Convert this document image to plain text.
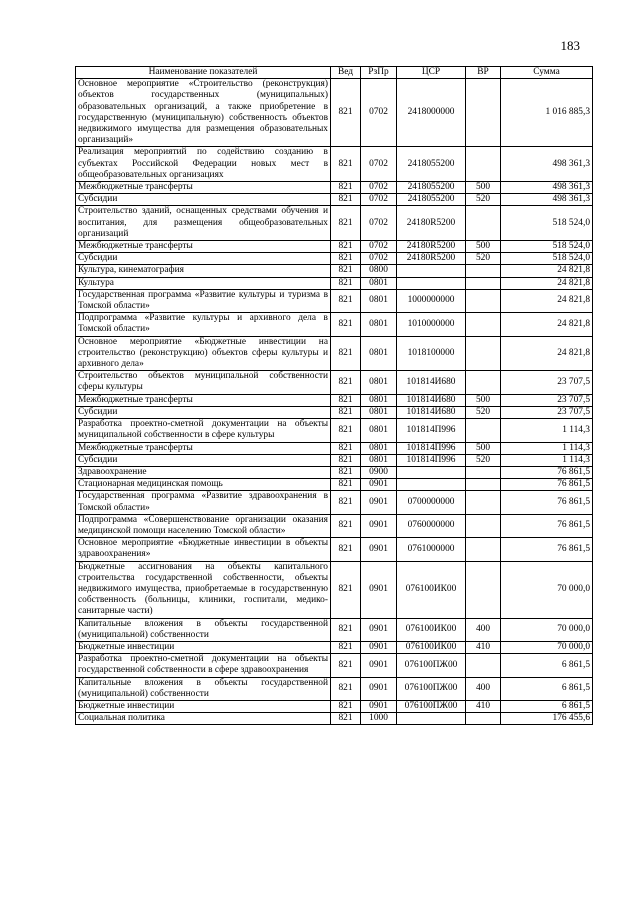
183
Наименование показателей	Вед	РзПр	ЦСР	ВР	Сумма
Основное мероприятие «Строительство (реконструкция) объектов государственных (муниципальных) образовательных организаций, а также приобретение в государственную (муниципальную) собственность объектов недвижимого имущества для размещения образовательных организаций»	821	0702	2418000000		1 016 885,3
Реализация мероприятий по содействию созданию в субъектах Российской Федерации новых мест в общеобразовательных организациях	821	0702	2418055200		498 361,3
Межбюджетные трансферты	821	0702	2418055200	500	498 361,3
Субсидии	821	0702	2418055200	520	498 361,3
Строительство зданий, оснащенных средствами обучения и воспитания, для размещения общеобразовательных организаций	821	0702	24180R5200		518 524,0
Межбюджетные трансферты	821	0702	24180R5200	500	518 524,0
Субсидии	821	0702	24180R5200	520	518 524,0
Культура, кинематография	821	0800			24 821,8
Культура	821	0801			24 821,8
Государственная программа «Развитие культуры и туризма в Томской области»	821	0801	1000000000		24 821,8
Подпрограмма «Развитие культуры и архивного дела в Томской области»	821	0801	1010000000		24 821,8
Основное мероприятие «Бюджетные инвестиции на строительство (реконструкцию) объектов сферы культуры и архивного дела»	821	0801	1018100000		24 821,8
Строительство объектов муниципальной собственности сферы культуры	821	0801	101814И680		23 707,5
Межбюджетные трансферты	821	0801	101814И680	500	23 707,5
Субсидии	821	0801	101814И680	520	23 707,5
Разработка проектно-сметной документации на объекты муниципальной собственности в сфере культуры	821	0801	101814П996		1 114,3
Межбюджетные трансферты	821	0801	101814П996	500	1 114,3
Субсидии	821	0801	101814П996	520	1 114,3
Здравоохранение	821	0900			76 861,5
Стационарная медицинская помощь	821	0901			76 861,5
Государственная программа «Развитие здравоохранения в Томской области»	821	0901	0700000000		76 861,5
Подпрограмма «Совершенствование организации оказания медицинской помощи населению Томской области»	821	0901	0760000000		76 861,5
Основное мероприятие «Бюджетные инвестиции в объекты здравоохранения»	821	0901	0761000000		76 861,5
Бюджетные ассигнования на объекты капитального строительства государственной собственности, объекты недвижимого имущества, приобретаемые в государственную собственность (больницы, клиники, госпитали, медико-санитарные части)	821	0901	076100ИК00		70 000,0
Капитальные вложения в объекты государственной (муниципальной) собственности	821	0901	076100ИК00	400	70 000,0
Бюджетные инвестиции	821	0901	076100ИК00	410	70 000,0
Разработка проектно-сметной документации на объекты государственной собственности в сфере здравоохранения	821	0901	076100ПЖ00		6 861,5
Капитальные вложения в объекты государственной (муниципальной) собственности	821	0901	076100ПЖ00	400	6 861,5
Бюджетные инвестиции	821	0901	076100ПЖ00	410	6 861,5
Социальная политика	821	1000			176 455,6
